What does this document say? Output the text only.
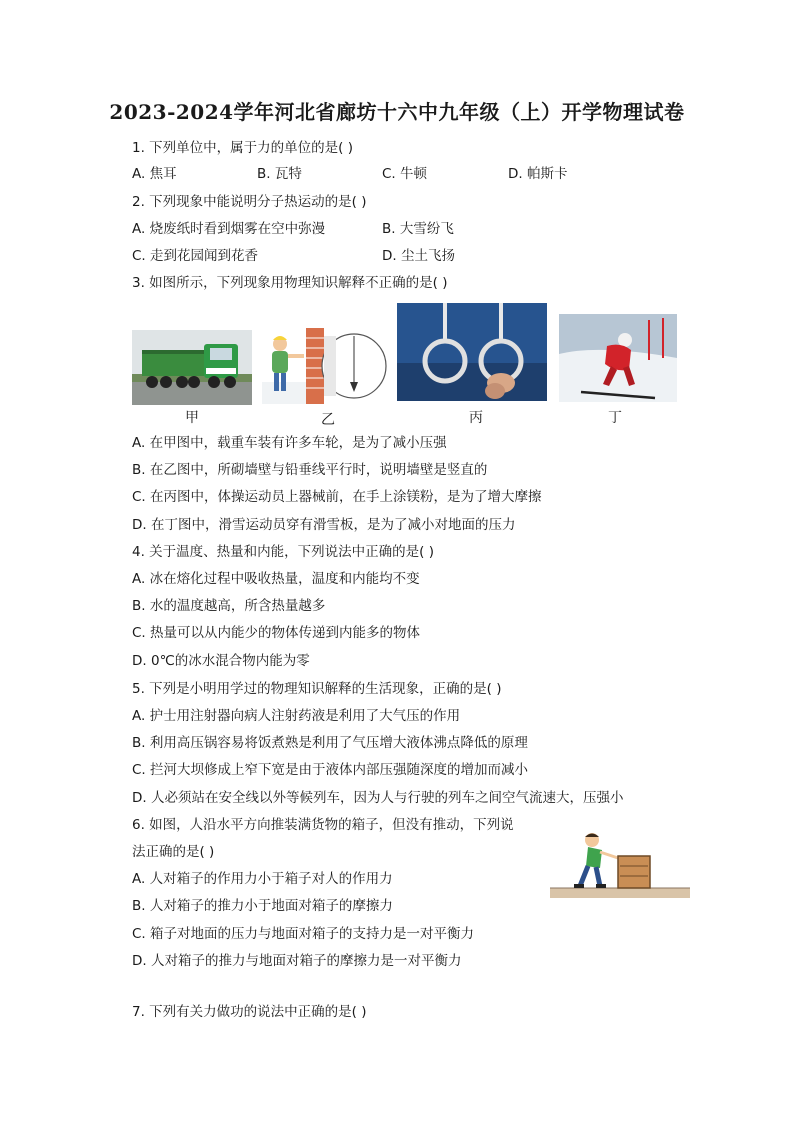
2023-2024学年河北省廊坊十六中九年级（上）开学物理试卷
1. 下列单位中，属于力的单位的是( )
A. 焦耳	B. 瓦特	C. 牛顿	D. 帕斯卡
2. 下列现象中能说明分子热运动的是( )
A. 烧废纸时看到烟雾在空中弥漫	B. 大雪纷飞
C. 走到花园闻到花香	D. 尘土飞扬
3. 如图所示，下列现象用物理知识解释不正确的是( )
甲	乙	丙	丁
A. 在甲图中，载重车装有许多车轮，是为了减小压强
B. 在乙图中，所砌墙壁与铅垂线平行时，说明墙壁是竖直的
C. 在丙图中，体操运动员上器械前，在手上涂镁粉，是为了增大摩擦
D. 在丁图中，滑雪运动员穿有滑雪板，是为了减小对地面的压力
4. 关于温度、热量和内能，下列说法中正确的是( )
A. 冰在熔化过程中吸收热量，温度和内能均不变
B. 水的温度越高，所含热量越多
C. 热量可以从内能少的物体传递到内能多的物体
D. 0℃的冰水混合物内能为零
5. 下列是小明用学过的物理知识解释的生活现象，正确的是( )
A. 护士用注射器向病人注射药液是利用了大气压的作用
B. 利用高压锅容易将饭煮熟是利用了气压增大液体沸点降低的原理
C. 拦河大坝修成上窄下宽是由于液体内部压强随深度的增加而减小
D. 人必须站在安全线以外等候列车，因为人与行驶的列车之间空气流速大，压强小
6. 如图，人沿水平方向推装满货物的箱子，但没有推动，下列说
法正确的是( )
A. 人对箱子的作用力小于箱子对人的作用力
B. 人对箱子的推力小于地面对箱子的摩擦力
C. 箱子对地面的压力与地面对箱子的支持力是一对平衡力
D. 人对箱子的推力与地面对箱子的摩擦力是一对平衡力
7. 下列有关力做功的说法中正确的是( )
